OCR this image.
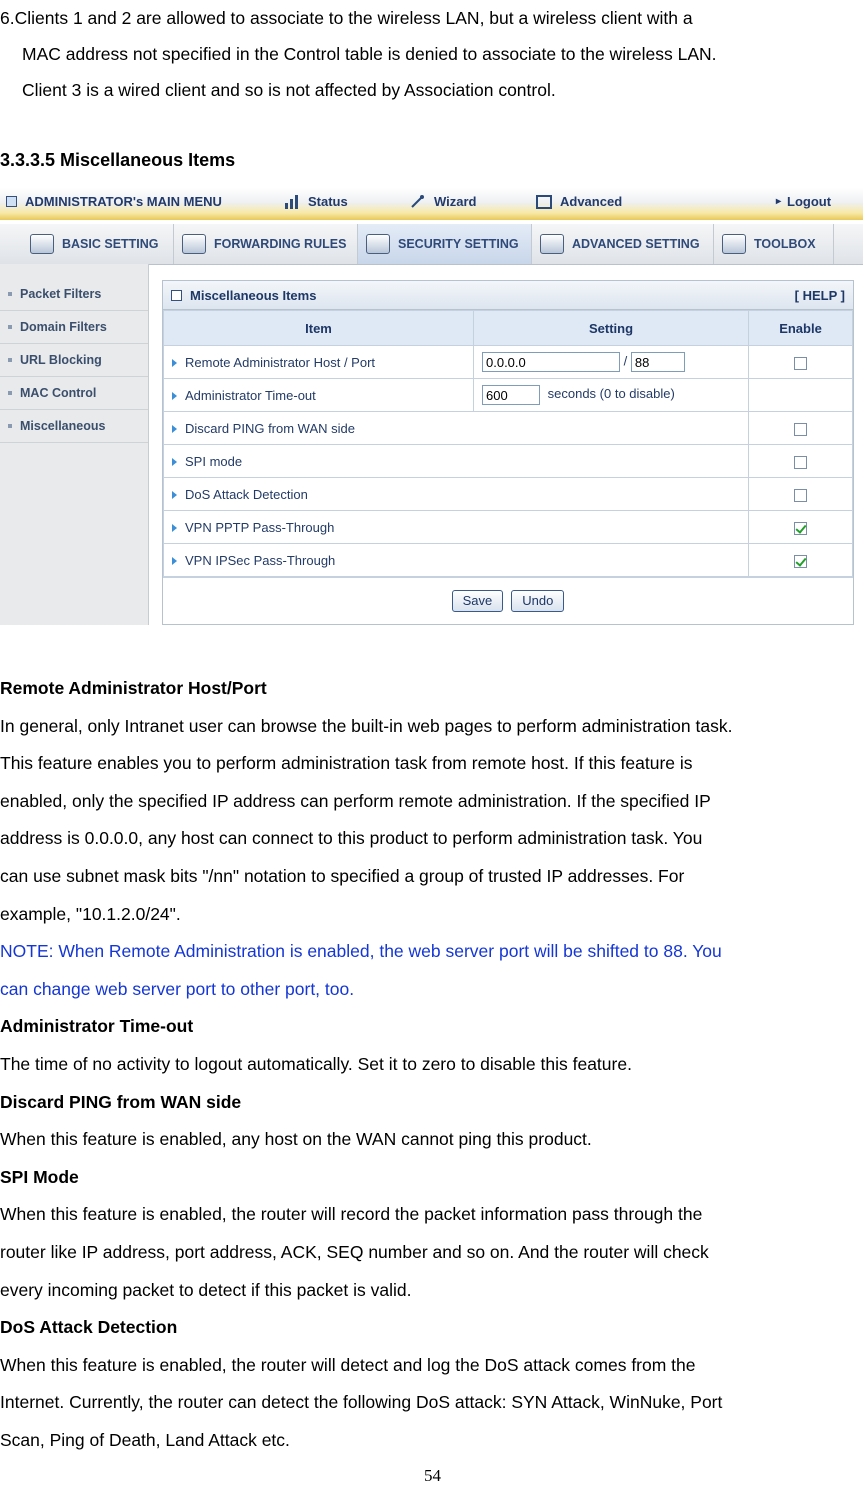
6.Clients 1 and 2 are allowed to associate to the wireless LAN, but a wireless client with a
MAC address not specified in the Control table is denied to associate to the wireless LAN.
Client 3 is a wired client and so is not affected by Association control.
3.3.3.5 Miscellaneous Items
ADMINISTRATOR's MAIN MENU	Status	Wizard	Advanced	▸ Logout
BASIC SETTING	FORWARDING RULES	SECURITY SETTING	ADVANCED SETTING	TOOLBOX
Packet Filters
Domain Filters
URL Blocking
MAC Control
Miscellaneous
Miscellaneous Items	[ HELP ]
Item	Setting	Enable
Remote Administrator Host / Port	0.0.0.0 / 88	
Administrator Time-out	600 seconds (0 to disable)	
Discard PING from WAN side		
SPI mode		
DoS Attack Detection		
VPN PPTP Pass-Through		
VPN IPSec Pass-Through		
Save	Undo
Remote Administrator Host/Port
In general, only Intranet user can browse the built-in web pages to perform administration task.
This feature enables you to perform administration task from remote host. If this feature is
enabled, only the specified IP address can perform remote administration. If the specified IP
address is 0.0.0.0, any host can connect to this product to perform administration task. You
can use subnet mask bits "/nn" notation to specified a group of trusted IP addresses. For
example, "10.1.2.0/24".
NOTE: When Remote Administration is enabled, the web server port will be shifted to 88. You
can change web server port to other port, too.
Administrator Time-out
The time of no activity to logout automatically. Set it to zero to disable this feature.
Discard PING from WAN side
When this feature is enabled, any host on the WAN cannot ping this product.
SPI Mode
When this feature is enabled, the router will record the packet information pass through the
router like IP address, port address, ACK, SEQ number and so on. And the router will check
every incoming packet to detect if this packet is valid.
DoS Attack Detection
When this feature is enabled, the router will detect and log the DoS attack comes from the
Internet. Currently, the router can detect the following DoS attack: SYN Attack, WinNuke, Port
Scan, Ping of Death, Land Attack etc.
54
